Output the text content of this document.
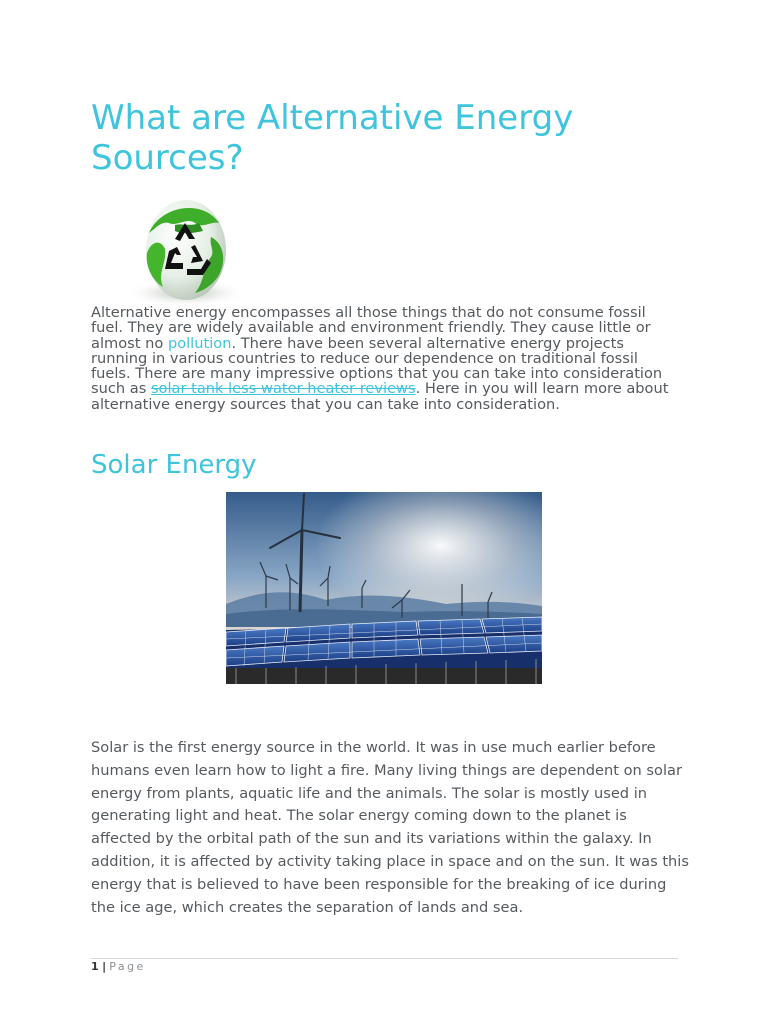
What are Alternative Energy Sources?

Alternative energy encompasses all those things that do not consume fossil fuel. They are widely available and environment friendly. They cause little or almost no pollution. There have been several alternative energy projects running in various countries to reduce our dependence on traditional fossil fuels. There are many impressive options that you can take into consideration such as solar tank less water heater reviews. Here in you will learn more about alternative energy sources that you can take into consideration.

Solar Energy

Solar is the first energy source in the world. It was in use much earlier before humans even learn how to light a fire. Many living things are dependent on solar energy from plants, aquatic life and the animals. The solar is mostly used in generating light and heat. The solar energy coming down to the planet is affected by the orbital path of the sun and its variations within the galaxy. In addition, it is affected by activity taking place in space and on the sun. It was this energy that is believed to have been responsible for the breaking of ice during the ice age, which creates the separation of lands and sea.

1 | Page
